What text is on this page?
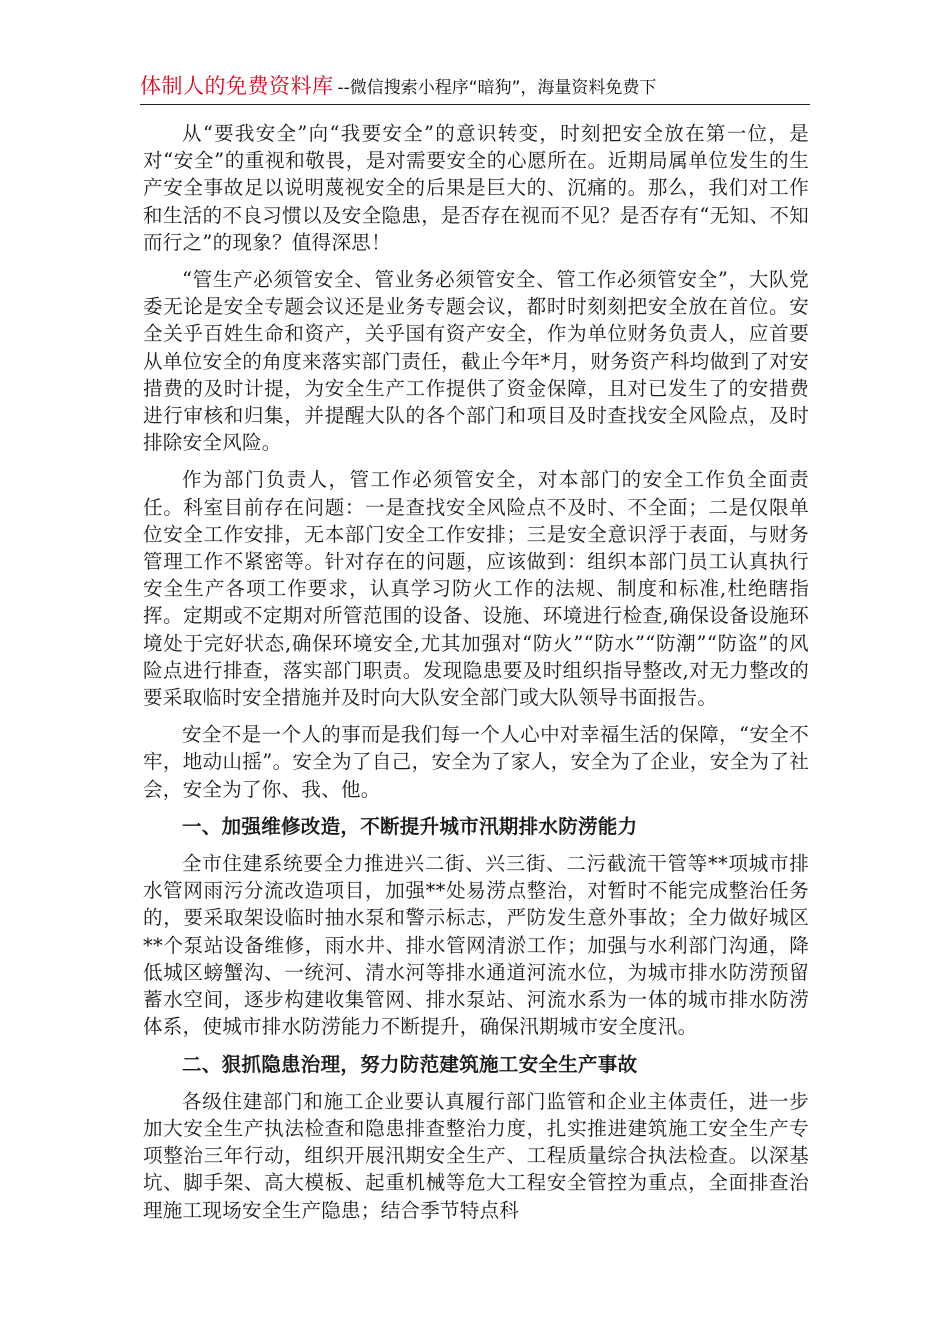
体制人的免费资料库 --微信搜索小程序“暗狗”，海量资料免费下

从“要我安全”向“我要安全”的意识转变，时刻把安全放在第一位，是对“安全”的重视和敬畏，是对需要安全的心愿所在。近期局属单位发生的生产安全事故足以说明蔑视安全的后果是巨大的、沉痛的。那么，我们对工作和生活的不良习惯以及安全隐患，是否存在视而不见？是否存有“无知、不知而行之”的现象？值得深思！

“管生产必须管安全、管业务必须管安全、管工作必须管安全”，大队党委无论是安全专题会议还是业务专题会议，都时时刻刻把安全放在首位。安全关乎百姓生命和资产，关乎国有资产安全，作为单位财务负责人，应首要从单位安全的角度来落实部门责任，截止今年*月，财务资产科均做到了对安措费的及时计提，为安全生产工作提供了资金保障，且对已发生了的安措费进行审核和归集，并提醒大队的各个部门和项目及时查找安全风险点，及时排除安全风险。

作为部门负责人，管工作必须管安全，对本部门的安全工作负全面责任。科室目前存在问题：一是查找安全风险点不及时、不全面；二是仅限单位安全工作安排，无本部门安全工作安排；三是安全意识浮于表面，与财务管理工作不紧密等。针对存在的问题，应该做到：组织本部门员工认真执行安全生产各项工作要求，认真学习防火工作的法规、制度和标准,杜绝瞎指挥。定期或不定期对所管范围的设备、设施、环境进行检查,确保设备设施环境处于完好状态,确保环境安全,尤其加强对“防火”“防水”“防潮”“防盗”的风险点进行排查，落实部门职责。发现隐患要及时组织指导整改,对无力整改的要采取临时安全措施并及时向大队安全部门或大队领导书面报告。

安全不是一个人的事而是我们每一个人心中对幸福生活的保障，“安全不牢，地动山摇”。安全为了自己，安全为了家人，安全为了企业，安全为了社会，安全为了你、我、他。

一、加强维修改造，不断提升城市汛期排水防涝能力

全市住建系统要全力推进兴二街、兴三街、二污截流干管等**项城市排水管网雨污分流改造项目，加强**处易涝点整治，对暂时不能完成整治任务的，要采取架设临时抽水泵和警示标志，严防发生意外事故；全力做好城区**个泵站设备维修，雨水井、排水管网清淤工作；加强与水利部门沟通，降低城区螃蟹沟、一统河、清水河等排水通道河流水位，为城市排水防涝预留蓄水空间，逐步构建收集管网、排水泵站、河流水系为一体的城市排水防涝体系，使城市排水防涝能力不断提升，确保汛期城市安全度汛。

二、狠抓隐患治理，努力防范建筑施工安全生产事故

各级住建部门和施工企业要认真履行部门监管和企业主体责任，进一步加大安全生产执法检查和隐患排查整治力度，扎实推进建筑施工安全生产专项整治三年行动，组织开展汛期安全生产、工程质量综合执法检查。以深基坑、脚手架、高大模板、起重机械等危大工程安全管控为重点，全面排查治理施工现场安全生产隐患；结合季节特点科
